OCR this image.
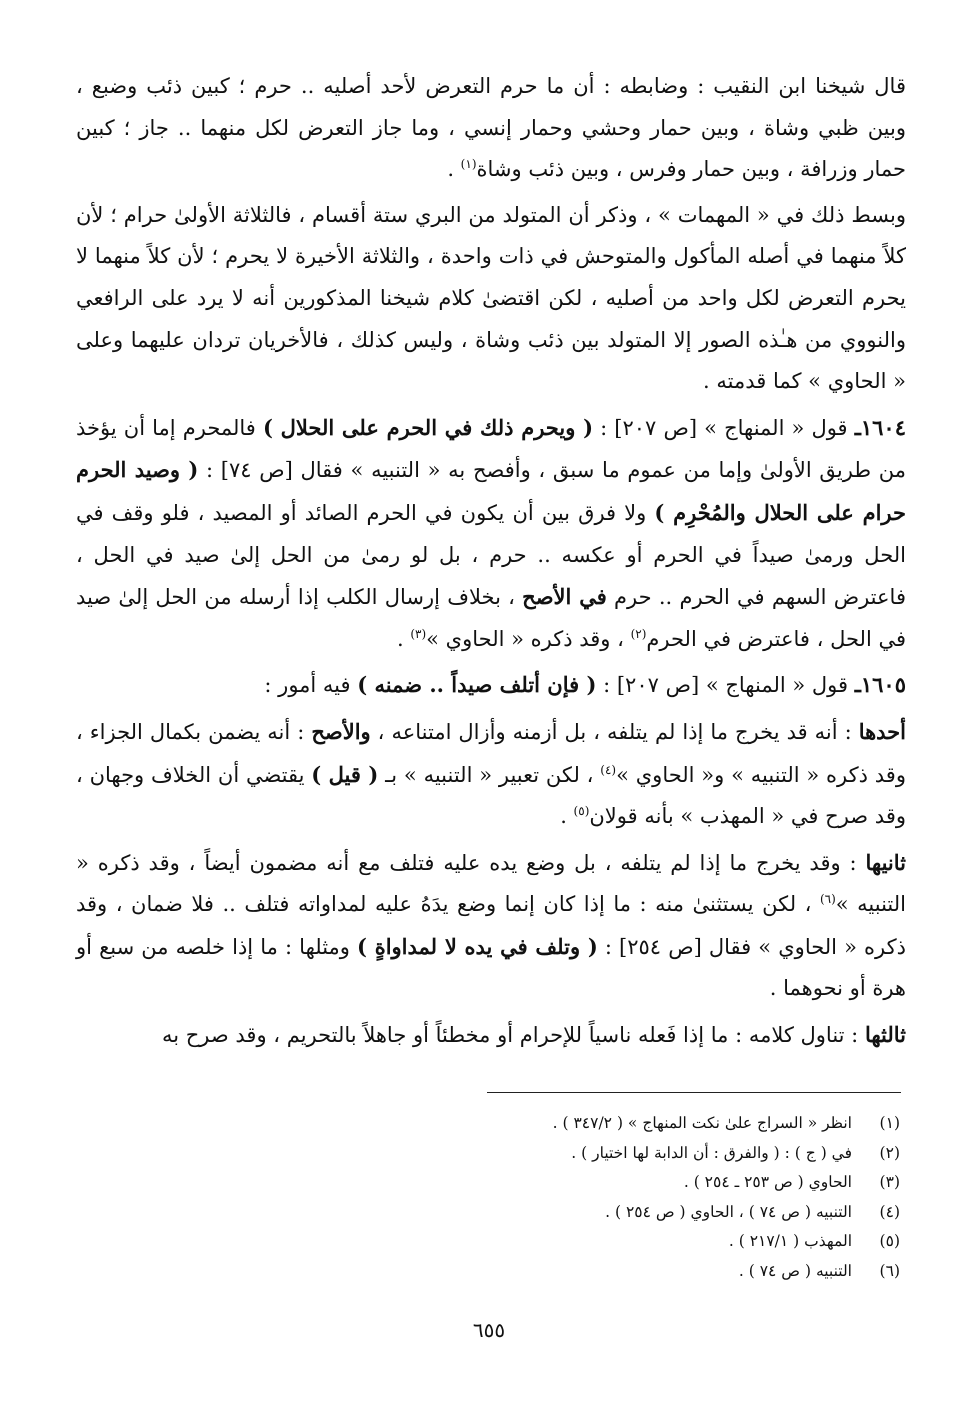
قال شيخنا ابن النقيب : وضابطه : أن ما حرم التعرض لأحد أصليه .. حرم ؛ كبين ذئب وضبع ، وبين ظبي وشاة ، وبين حمار وحشي وحمار إنسي ، وما جاز التعرض لكل منهما .. جاز ؛ كبين حمار وزرافة ، وبين حمار وفرس ، وبين ذئب وشاة$^{(١)}$ .

وبسط ذلك في « المهمات » ، وذكر أن المتولد من البري ستة أقسام ، فالثلاثة الأولىٰ حرام ؛ لأن كلاً منهما في أصله المأكول والمتوحش في ذات واحدة ، والثلاثة الأخيرة لا يحرم ؛ لأن كلاً منهما لا يحرم التعرض لكل واحد من أصليه ، لكن اقتضىٰ كلام شيخنا المذكورين أنه لا يرد على الرافعي والنووي من هـٰذه الصور إلا المتولد بين ذئب وشاة ، وليس كذلك ، فالأخريان تردان عليهما وعلى « الحاوي » كما قدمته .

١٦٠٤ـ قول « المنهاج » [ص ٢٠٧] : ( ويحرم ذلك في الحرم على الحلال ) فالمحرم إما أن يؤخذ من طريق الأولىٰ وإما من عموم ما سبق ، وأفصح به « التنبيه » فقال [ص ٧٤] : ( وصيد الحرم حرام على الحلال والمُحْرِم ) ولا فرق بين أن يكون في الحرم الصائد أو المصيد ، فلو وقف في الحل ورمىٰ صيداً في الحرم أو عكسه .. حرم ، بل لو رمىٰ من الحل إلىٰ صيد في الحل ، فاعترض السهم في الحرم .. حرم في الأصح ، بخلاف إرسال الكلب إذا أرسله من الحل إلىٰ صيد في الحل ، فاعترض في الحرم$^{(٢)}$ ، وقد ذكره « الحاوي »$^{(٣)}$ .

١٦٠٥ـ قول « المنهاج » [ص ٢٠٧] : ( فإن أتلف صيداً .. ضمنه ) فيه أمور :

أحدها : أنه قد يخرج ما إذا لم يتلفه ، بل أزمنه وأزال امتناعه ، والأصح : أنه يضمن بكمال الجزاء ، وقد ذكره « التنبيه » و« الحاوي »$^{(٤)}$ ، لكن تعبير « التنبيه » بـ ( قيل ) يقتضي أن الخلاف وجهان ، وقد صرح في « المهذب » بأنه قولان$^{(٥)}$ .

ثانيها : وقد يخرج ما إذا لم يتلفه ، بل وضع يده عليه فتلف مع أنه مضمون أيضاً ، وقد ذكره « التنبيه »$^{(٦)}$ ، لكن يستثنىٰ منه : ما إذا كان إنما وضع يدَهُ عليه لمداواته فتلف .. فلا ضمان ، وقد ذكره « الحاوي » فقال [ص ٢٥٤] : ( وتلف في يده لا لمداواةٍ ) ومثلها : ما إذا خلصه من سبع أو هرة أو نحوهما .

ثالثها : تناول كلامه : ما إذا فَعله ناسياً للإحرام أو مخطئاً أو جاهلاً بالتحريم ، وقد صرح به

(١)
انظر « السراج علىٰ نكت المنهاج » ( ٣٤٧/٢ ) .
(٢)
في ( ج ) : ( والفرق : أن الدابة لها اختيار ) .
(٣)
الحاوي ( ص ٢٥٣ ـ ٢٥٤ ) .
(٤)
التنبيه ( ص ٧٤ ) ، الحاوي ( ص ٢٥٤ ) .
(٥)
المهذب ( ٢١٧/١ ) .
(٦)
التنبيه ( ص ٧٤ ) .
٦٥٥
